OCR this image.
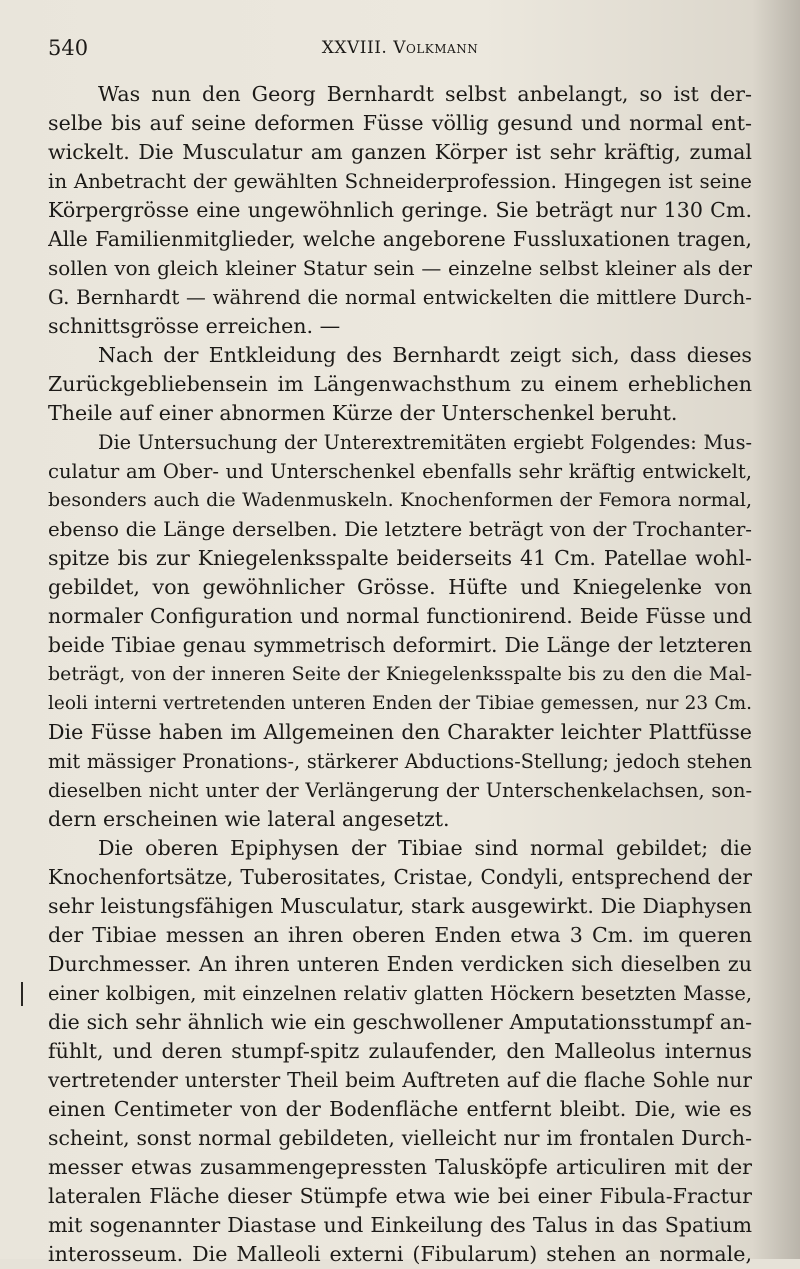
540	XXVIII. Volkmann
Was nun den Georg Bernhardt selbst anbelangt, so ist der-
selbe bis auf seine deformen Füsse völlig gesund und normal ent-
wickelt. Die Musculatur am ganzen Körper ist sehr kräftig, zumal
in Anbetracht der gewählten Schneiderprofession. Hingegen ist seine
Körpergrösse eine ungewöhnlich geringe. Sie beträgt nur 130 Cm.
Alle Familienmitglieder, welche angeborene Fussluxationen tragen,
sollen von gleich kleiner Statur sein — einzelne selbst kleiner als der
G. Bernhardt — während die normal entwickelten die mittlere Durch-
schnittsgrösse erreichen. —
Nach der Entkleidung des Bernhardt zeigt sich, dass dieses
Zurückgebliebensein im Längenwachsthum zu einem erheblichen
Theile auf einer abnormen Kürze der Unterschenkel beruht.
Die Untersuchung der Unterextremitäten ergiebt Folgendes: Mus-
culatur am Ober- und Unterschenkel ebenfalls sehr kräftig entwickelt,
besonders auch die Wadenmuskeln. Knochenformen der Femora normal,
ebenso die Länge derselben. Die letztere beträgt von der Trochanter-
spitze bis zur Kniegelenksspalte beiderseits 41 Cm. Patellae wohl-
gebildet, von gewöhnlicher Grösse. Hüfte und Kniegelenke von
normaler Configuration und normal functionirend. Beide Füsse und
beide Tibiae genau symmetrisch deformirt. Die Länge der letzteren
beträgt, von der inneren Seite der Kniegelenksspalte bis zu den die Mal-
leoli interni vertretenden unteren Enden der Tibiae gemessen, nur 23 Cm.
Die Füsse haben im Allgemeinen den Charakter leichter Plattfüsse
mit mässiger Pronations-, stärkerer Abductions-Stellung; jedoch stehen
dieselben nicht unter der Verlängerung der Unterschenkelachsen, son-
dern erscheinen wie lateral angesetzt.
Die oberen Epiphysen der Tibiae sind normal gebildet; die
Knochenfortsätze, Tuberositates, Cristae, Condyli, entsprechend der
sehr leistungsfähigen Musculatur, stark ausgewirkt. Die Diaphysen
der Tibiae messen an ihren oberen Enden etwa 3 Cm. im queren
Durchmesser. An ihren unteren Enden verdicken sich dieselben zu
einer kolbigen, mit einzelnen relativ glatten Höckern besetzten Masse,
die sich sehr ähnlich wie ein geschwollener Amputationsstumpf an-
fühlt, und deren stumpf-spitz zulaufender, den Malleolus internus
vertretender unterster Theil beim Auftreten auf die flache Sohle nur
einen Centimeter von der Bodenfläche entfernt bleibt. Die, wie es
scheint, sonst normal gebildeten, vielleicht nur im frontalen Durch-
messer etwas zusammengepressten Talusköpfe articuliren mit der
lateralen Fläche dieser Stümpfe etwa wie bei einer Fibula-Fractur
mit sogenannter Diastase und Einkeilung des Talus in das Spatium
interosseum. Die Malleoli externi (Fibularum) stehen an normale,
